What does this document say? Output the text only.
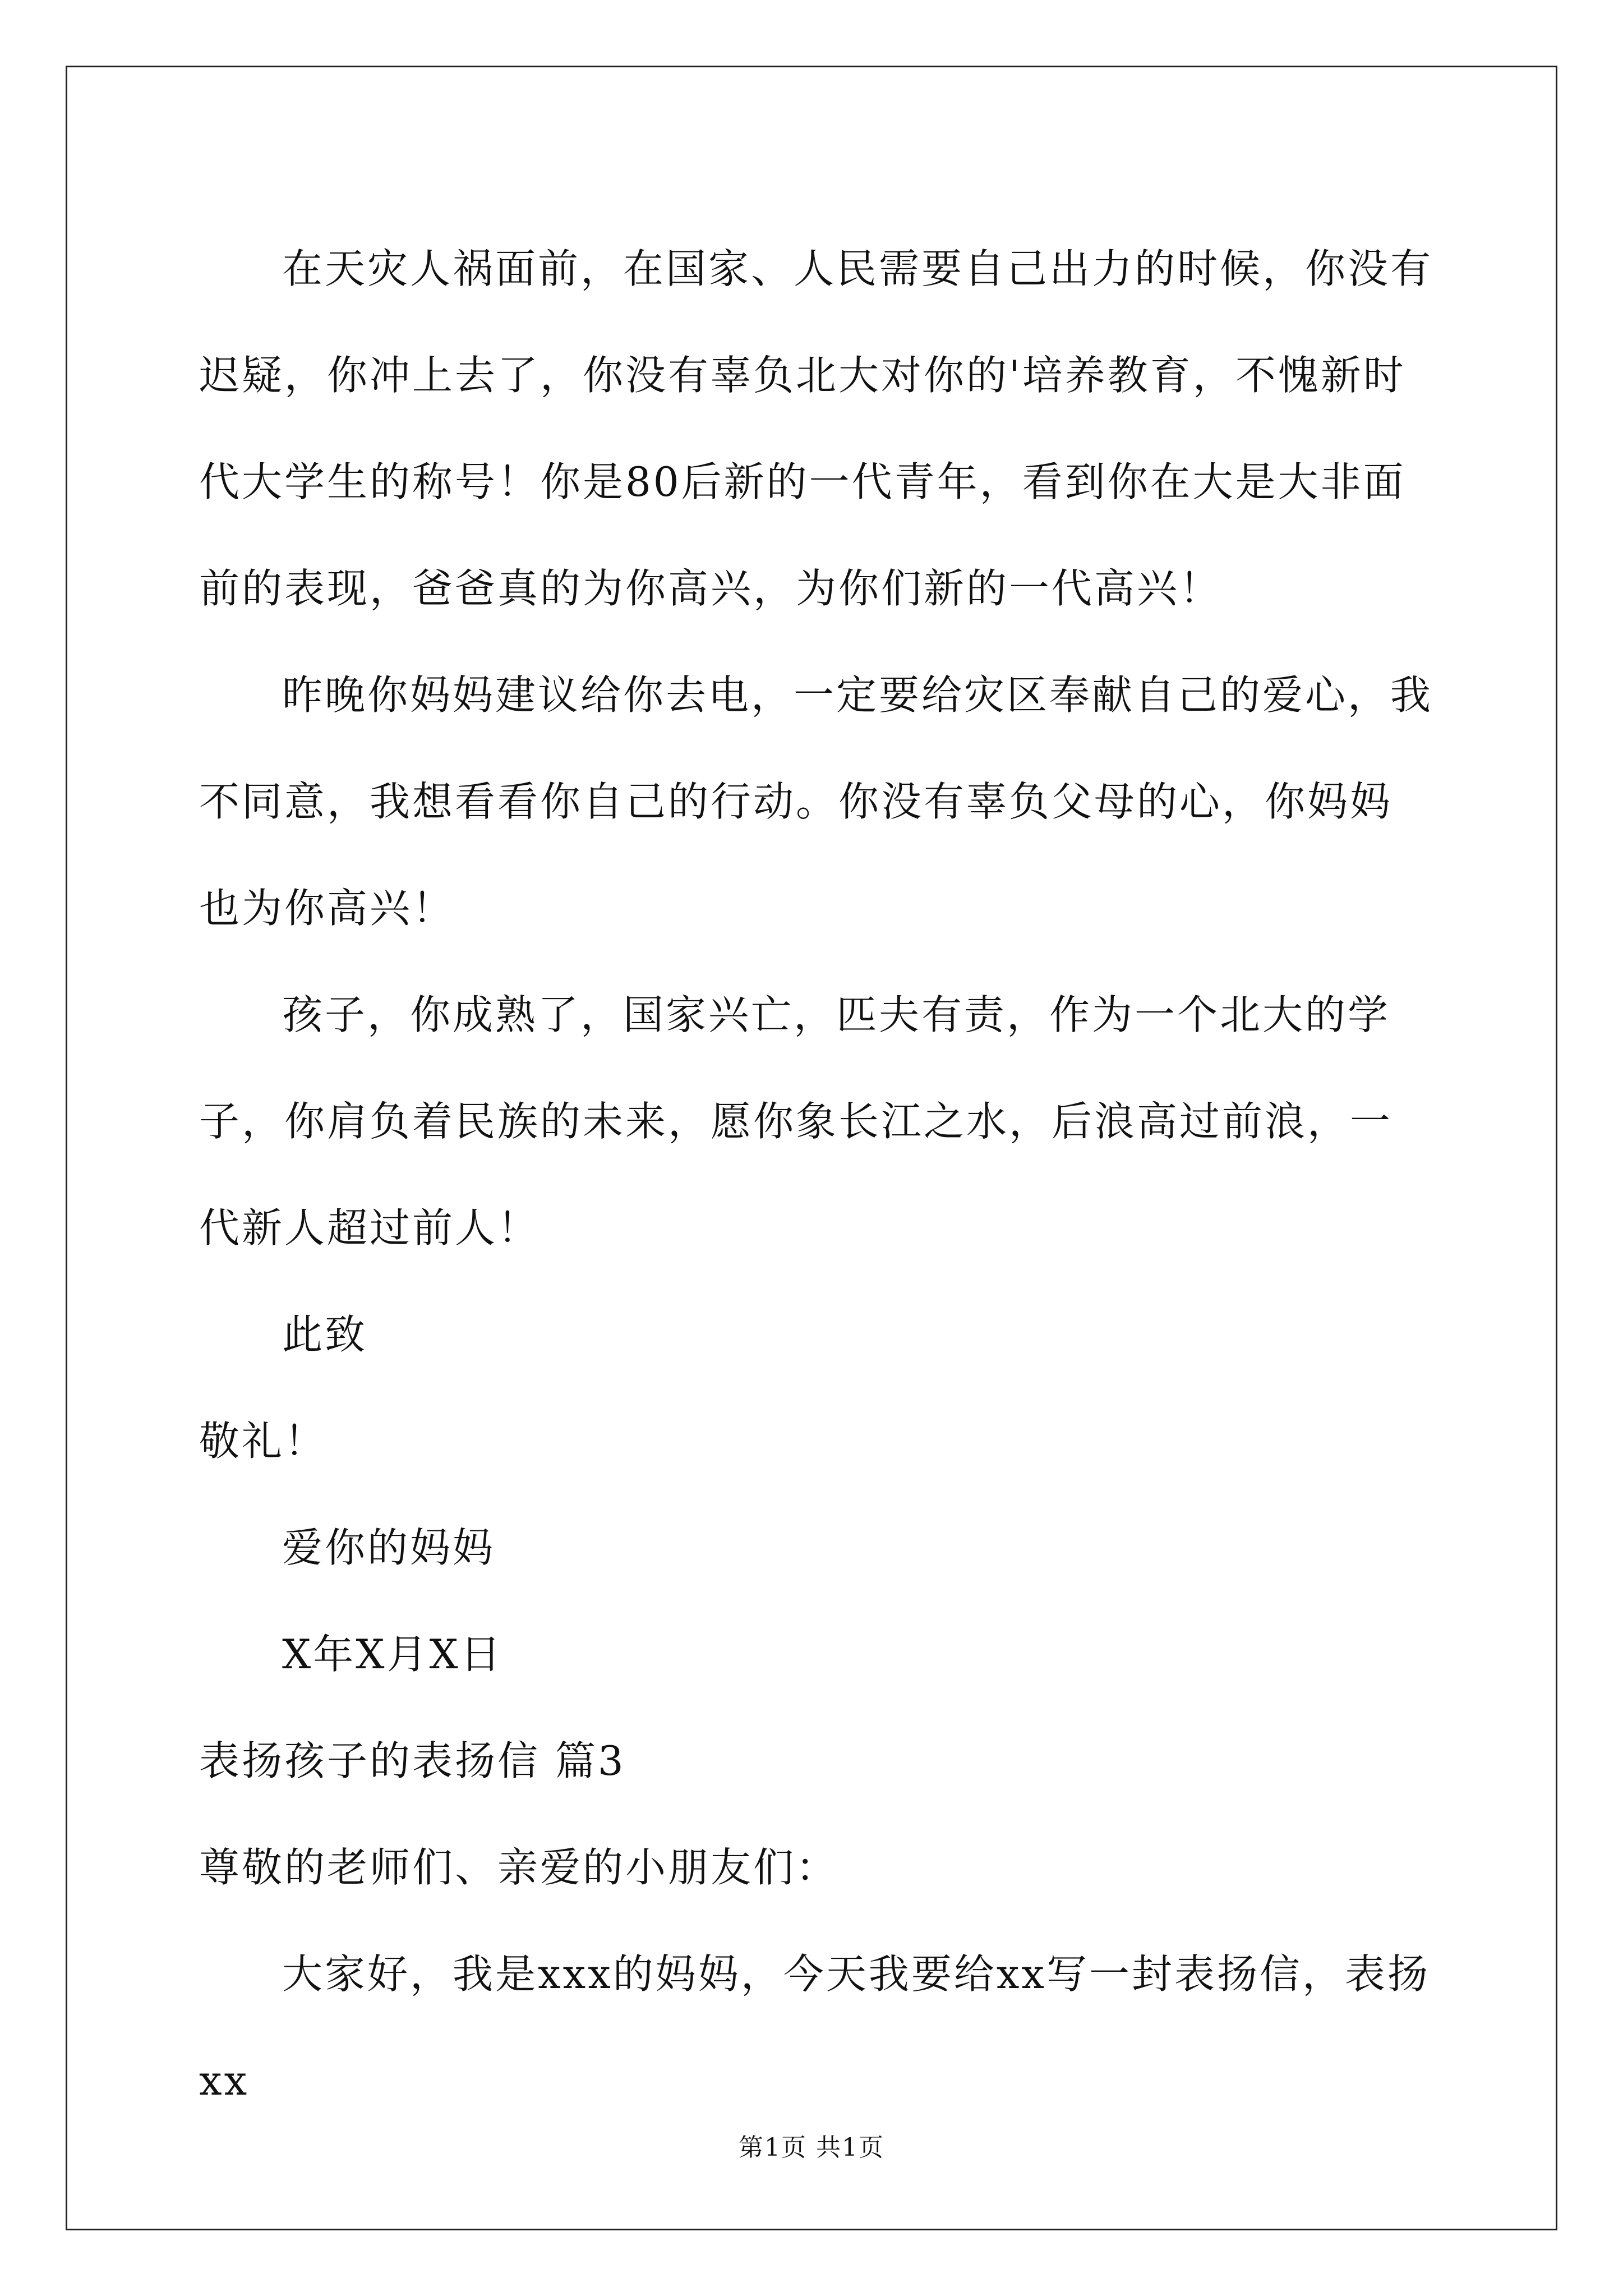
在天灾人祸面前，在国家、人民需要自己出力的时候，你没有迟疑，你冲上去了，你没有辜负北大对你的'培养教育，不愧新时代大学生的称号！你是80后新的一代青年，看到你在大是大非面前的表现，爸爸真的为你高兴，为你们新的一代高兴！

昨晚你妈妈建议给你去电，一定要给灾区奉献自己的爱心，我不同意，我想看看你自己的行动。你没有辜负父母的心，你妈妈也为你高兴！

孩子，你成熟了，国家兴亡，匹夫有责，作为一个北大的学子，你肩负着民族的未来，愿你象长江之水，后浪高过前浪，一代新人超过前人！

此致

敬礼！

爱你的妈妈

X年X月X日

表扬孩子的表扬信 篇3

尊敬的老师们、亲爱的小朋友们：

大家好，我是xxx的妈妈，今天我要给xx写一封表扬信，表扬xx

第1页 共1页
